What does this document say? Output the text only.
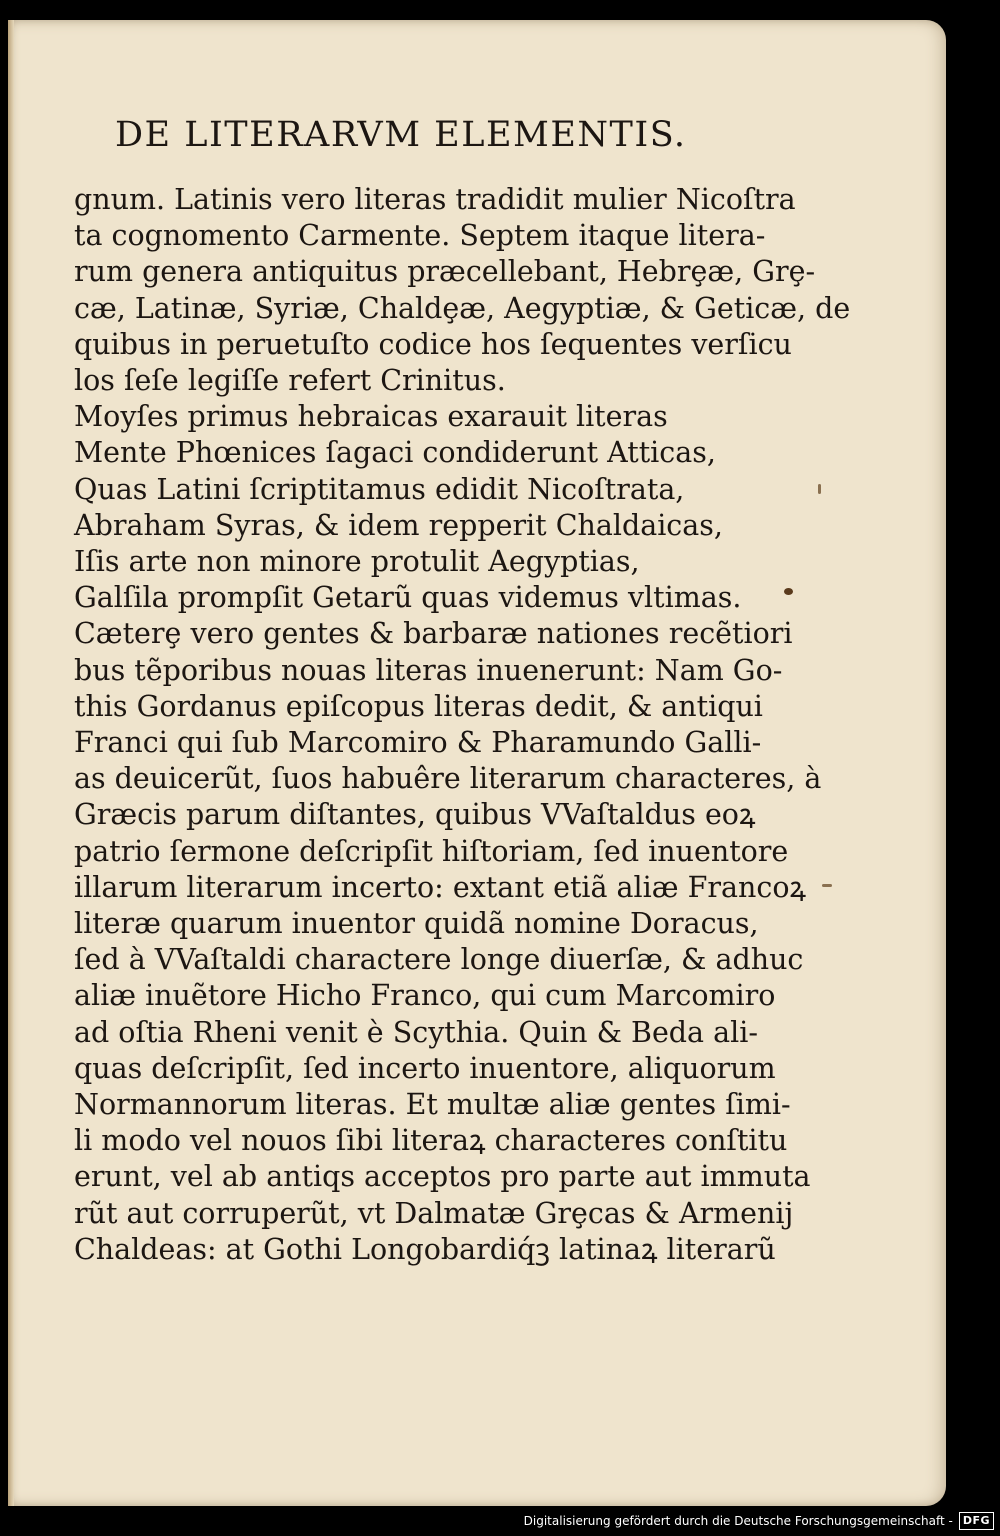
DE LITERARVM ELEMENTIS.
gnum. Latinis vero literas tradidit mulier Nicoſtra
ta cognomento Carmente. Septem itaque litera-
rum genera antiquitus præcellebant, Hebrȩæ, Grȩ-
cæ, Latinæ, Syriæ, Chaldȩæ, Aegyptiæ, & Geticæ, de
quibus in peruetuſto codice hos ſequentes verſicu
los ſeſe legiſſe refert Crinitus.
Moyſes primus hebraicas exarauit literas
Mente Phœnices ſagaci condiderunt Atticas,
Quas Latini ſcriptitamus edidit Nicoſtrata,
Abraham Syras, & idem repperit Chaldaicas,
Iſis arte non minore protulit Aegyptias,
Galſila prompſit Getarũ quas videmus vltimas.
Cæterȩ vero gentes & barbaræ nationes recẽtiori
bus tẽporibus nouas literas inuenerunt: Nam Go-
this Gordanus epiſcopus literas dedit, & antiqui
Franci qui ſub Marcomiro & Pharamundo Galli-
as deuicerũt, ſuos habuêre literarum characteres, à
Græcis parum diſtantes, quibus VVaſtaldus eoꝝ
patrio ſermone deſcripſit hiſtoriam, ſed inuentore
illarum literarum incerto: extant etiã aliæ Francoꝝ
literæ quarum inuentor quidã nomine Doracus,
ſed à VVaſtaldi charactere longe diuerſæ, & adhuc
aliæ inuẽtore Hicho Franco, qui cum Marcomiro
ad oſtia Rheni venit è Scythia. Quin & Beda ali-
quas deſcripſit, ſed incerto inuentore, aliquorum
Normannorum literas. Et multæ aliæ gentes ſimi-
li modo vel nouos ſibi literaꝝ characteres conſtitu
erunt, vel ab antiqs acceptos pro parte aut immuta
rũt aut corruperũt, vt Dalmatæ Grȩcas & Armenij
Chaldeas: at Gothi Longobardiq́ꝫ latinaꝝ literarũ
Digitalisierung gefördert durch die Deutsche Forschungsgemeinschaft - DFG
